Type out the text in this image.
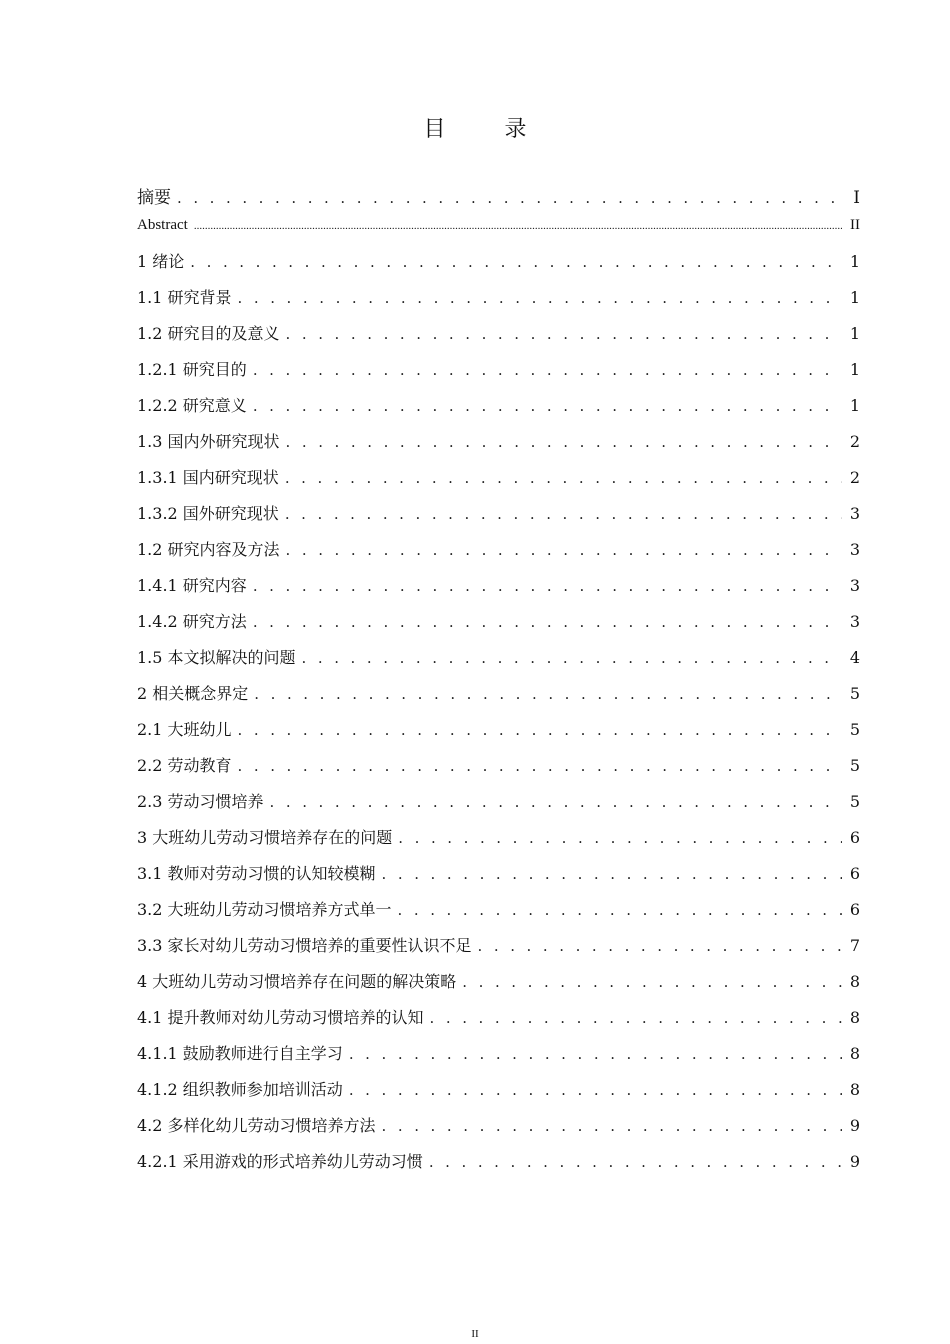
目 录
摘要 . . .	I
Abstract .....	II
1 绪论 . . .	1
1.1 研究背景 . . .	1
1.2 研究目的及意义 . . .	1
1.2.1 研究目的 . . .	1
1.2.2 研究意义 . . .	1
1.3 国内外研究现状 . . .	2
1.3.1 国内研究现状 . . .	2
1.3.2 国外研究现状 . . .	3
1.2 研究内容及方法 . . .	3
1.4.1 研究内容 . . .	3
1.4.2 研究方法 . . .	3
1.5 本文拟解决的问题 . . .	4
2 相关概念界定 . . .	5
2.1 大班幼儿 . . .	5
2.2 劳动教育 . . .	5
2.3 劳动习惯培养 . . .	5
3 大班幼儿劳动习惯培养存在的问题 . . .	6
3.1 教师对劳动习惯的认知较模糊 . . .	6
3.2 大班幼儿劳动习惯培养方式单一 . . .	6
3.3 家长对幼儿劳动习惯培养的重要性认识不足 . . .	7
4 大班幼儿劳动习惯培养存在问题的解决策略 . . .	8
4.1 提升教师对幼儿劳动习惯培养的认知 . . .	8
4.1.1 鼓励教师进行自主学习 . . .	8
4.1.2 组织教师参加培训活动 . . .	8
4.2 多样化幼儿劳动习惯培养方法 . . .	9
4.2.1 采用游戏的形式培养幼儿劳动习惯 . . .	9
II
